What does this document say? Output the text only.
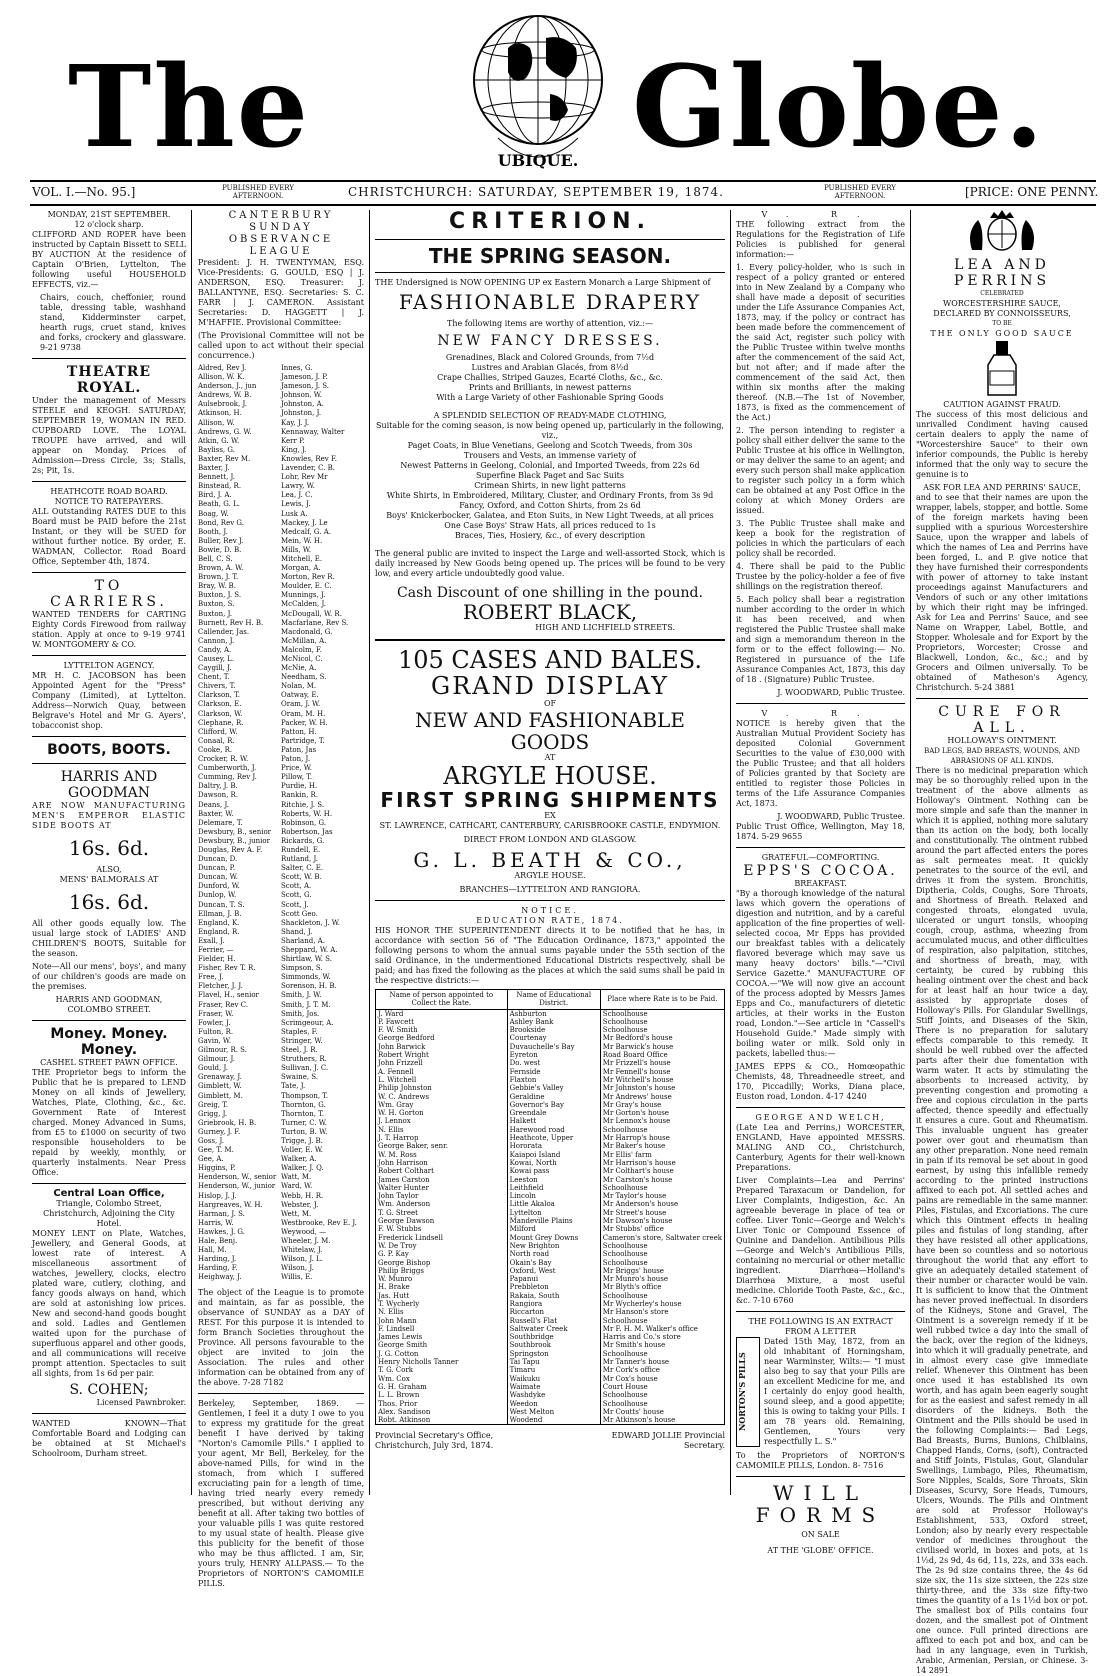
The	UBIQUE. Globe.
VOL. I.—No. 95.]	PUBLISHED EVERY AFTERNOON.	CHRISTCHURCH: SATURDAY, SEPTEMBER 19, 1874.	PUBLISHED EVERY AFTERNOON.	[PRICE: ONE PENNY.
MONDAY, 21ST SEPTEMBER.
12 o'clock sharp.

CLIFFORD AND ROPER have been instructed by Captain Bissett to SELL BY AUCTION At the residence of Captain O'Brien, Lyttelton, The following useful HOUSEHOLD EFFECTS, viz.—

Chairs, couch, cheffonier, round table, dressing table, washhand stand, Kidderminster carpet, hearth rugs, cruet stand, knives and forks, crockery and glassware. 9-21 9738

THEATRE ROYAL.

Under the management of Messrs STEELE and KEOGH. SATURDAY, SEPTEMBER 19, WOMAN IN RED. CUPBOARD LOVE. The LOYAL TROUPE have arrived, and will appear on Monday. Prices of Admission—Dress Circle, 3s; Stalls, 2s; Pit, 1s.

HEATHCOTE ROAD BOARD.
NOTICE TO RATEPAYERS.

ALL Outstanding RATES DUE to this Board must be PAID before the 21st Instant, or they will be SUED for without further notice. By order, E. WADMAN, Collector. Road Board Office, September 4th, 1874.

TO CARRIERS.

WANTED TENDERS for CARTING Eighty Cords Firewood from railway station. Apply at once to 9-19 9741 W. MONTGOMERY & CO.

LYTTELTON AGENCY.

MR H. C. JACOBSON has been Appointed Agent for the "Press" Company (Limited), at Lyttelton. Address—Norwich Quay, between Belgrave's Hotel and Mr G. Ayers', tobacconist shop.

BOOTS, BOOTS.
HARRIS AND GOODMAN

ARE NOW MANUFACTURING MEN'S EMPEROR ELASTIC SIDE BOOTS AT

16s. 6d.
ALSO,
MENS' BALMORALS AT
16s. 6d.

All other goods equally low. The usual large stock of LADIES' AND CHILDREN'S BOOTS, Suitable for the season.

Note—All our mens', boys', and many of our children's goods are made on the premises.

HARRIS AND GOODMAN, COLOMBO STREET.
Money. Money. Money.
CASHEL STREET PAWN OFFICE.

THE Proprietor begs to inform the Public that he is prepared to LEND Money on all kinds of Jewellery, Watches, Plate, Clothing, &c., &c. Government Rate of Interest charged. Money Advanced in Sums, from £5 to £1000 on security of two responsible householders to be repaid by weekly, monthly, or quarterly instalments. Near Press Office.

Central Loan Office,
Triangle, Colombo Street, Christchurch, Adjoining the City Hotel.

MONEY LENT on Plate, Watches, Jewellery, and General Goods, at lowest rate of interest. A miscellaneous assortment of watches, jewellery, clocks, electro plated ware, cutlery, clothing, and fancy goods always on hand, which are sold at astonishing low prices. New and second-hand goods bought and sold. Ladies and Gentlemen waited upon for the purchase of superfluous apparel and other goods, and all communications will receive prompt attention. Spectacles to suit all sights, from 1s 6d per pair.

S. COHEN;
Licensed Pawnbroker.

WANTED KNOWN—That Comfortable Board and Lodging can be obtained at St Michael's Schoolroom, Durham street.

CANTERBURY SUNDAY OBSERVANCE LEAGUE

President: J. H. TWENTYMAN, ESQ. Vice-Presidents: G. GOULD, ESQ | J. ANDERSON, ESQ. Treasurer: J. BALLANTYNE, ESQ. Secretaries: S. C. FARR | J. CAMERON. Assistant Secretaries: D. HAGGETT | J. M'HAFFIE. Provisional Committee:

(The Provisional Committee will not be called upon to act without their special concurrence.)

Aldred, Rev J.
Allison, W. K.
Anderson, J., jun
Andrews, W. B.
Aulsebrook, J.
Atkinson, H.
Allison, W.
Andrews, G. W.
Atkin, G. W.
Bayliss, G.
Baxter, Rev M.
Baxter, J.
Bennett, J.
Binstead, R.
Bird, J. A.
Beath, G. L.
Boag, W.
Bond, Rev G.
Booth, J.
Buller, Rev J.
Bowie, D. B.
Bell, C. S.
Brown, A. W.
Brown, J. T.
Bray, W. B.
Buxton, J. S.
Buxton, S.
Buxton, J.
Burnett, Rev H. B.
Callender, Jas.
Cannon, J.
Candy, A.
Causey, L.
Caygill, J.
Chent, T.
Chivers, T.
Clarkson, T.
Clarkson, E.
Clarkson, W.
Clephane, R.
Clifford, W.
Conaal, R.
Cooke, R.
Crocker, R. W.
Cumberworth, J.
Cumming, Rev J.
Daltry, J. B.
Dawson, R.
Deans, J.
Baxter, W.
Delemare, T.
Dewsbury, B., senior
Dewsbury, B., junior
Douglas, Rev A. F.
Duncan, D.
Duncan, P.
Duncan, W.
Dunford, W.
Dunlop, W.
Duncan, T. S.
Ellman, J. B.
England, K.
England, R.
Exall, J.
Ferrier, —
Fielder, H.
Fisher, Rev T. R.
Free, J.
Fletcher, J. J.
Flavel, H., senior
Fraser, Rev C.
Fraser, W.
Fowler, J.
Fulton, R.
Gavin, W.
Gilmour, R. S.
Gilmour, J.
Gould, J.
Grenaway, J.
Gimblett, W.
Gimblett, M.
Greig, T.
Grigg, J.
Griebrook, H. B.
Gurney, J. F.
Goss, J.
Gee, T. M.
Gee, A.
Higgins, P.
Henderson, W., senior
Henderson, W., junior
Hislop, J. J.
Hargreaves, W. H.
Harman, J. S.
Harris, W.
Hawkes, J. G.
Hale, Benj.
Hall, M.
Harding, J.
Harding, F.
Heighway, J.
Innes, G.
Jameson, J. P.
Jameson, J. S.
Johnson, W.
Johnston, A.
Johnston, J.
Kay, J. J.
Kennaway, Walter
Kerr P.
King, J.
Knowles, Rev F.
Lavender, C. B.
Lohr, Rev Mr
Lawry, W.
Lea, J. C.
Lewis, J.
Lusk A.
Mackey, J. Le
Medcalf, G. A.
Mein, W. H.
Mills, W.
Mitchell, E.
Morgan, A.
Morton, Rev R.
Moulder, E. C.
Munnings, J.
McCalden, J.
McDougall, W. R.
Macfarlane, Rev S.
Macdonald, G.
McMillan, A.
Malcolm, F.
McNicol, C.
McNie, A.
Needham, S.
Nolan, M.
Oatway, E.
Oram, J. W.
Oram, M. H.
Packer, W. H.
Patton, H.
Partridge, T.
Paton, Jas
Paton, J.
Price, W.
Pillow, T.
Purdie, H.
Rankin, R.
Ritchie, J. S.
Roberts, W. H.
Robinson, G.
Robertson, Jas
Rickards, G.
Rundell, E.
Rutland, J.
Salter, C. E.
Scott, W. B.
Scott, A.
Scott, G.
Scott, J.
Scott Geo.
Shackleton, J. W.
Shand, J.
Sharland, A.
Sheppard, W. A.
Shirtlaw, W. S.
Simpson, S.
Simmonds, W.
Sorenson, H. B.
Smith, J. W.
Smith, J. T. M.
Smith, Jos.
Scrimgeour, A.
Staples, F.
Stringer, W.
Steel, J. R.
Struthers, R.
Sullivan, J. C.
Swaine, S.
Tate, J.
Thompson, T.
Thornton, G.
Thornton, T.
Turner, C. W.
Turton, B. W.
Trigge, J. B.
Voller, E. W.
Walker, A.
Walker, J. Q.
Watt, M.
Ward, W.
Webb, H. R.
Webster, J.
Wett, M.
Westbrooke, Rev E. J.
Weywood, —
Wheeler, J. M.
Whitelaw, J.
Wilson, J. L.
Wilson, J.
Willis, E.

The object of the League is to promote and maintain, as far as possible, the observance of SUNDAY as a DAY of REST. For this purpose it is intended to form Branch Societies throughout the Province. All persons favourable to the object are invited to join the Association. The rules and other information can be obtained from any of the above. 7-28 7182

Berkeley, September, 1869. — Gentlemen, I feel it a duty I owe to you to express my gratitude for the great benefit I have derived by taking "Norton's Camomile Pills." I applied to your agent, Mr Bell, Berkeley, for the above-named Pills, for wind in the stomach, from which I suffered excruciating pain for a length of time, having tried nearly every remedy prescribed, but without deriving any benefit at all. After taking two bottles of your valuable pills I was quite restored to my usual state of health. Please give this publicity for the benefit of those who may be thus afflicted. I am, Sir, yours truly, HENRY ALLPASS.— To the Proprietors of NORTON'S CAMOMILE PILLS.

CRITERION.
THE SPRING SEASON.

THE Undersigned is NOW OPENING UP ex Eastern Monarch a Large Shipment of

FASHIONABLE DRAPERY
The following items are worthy of attention, viz.:—
NEW FANCY DRESSES.
Grenadines, Black and Colored Grounds, from 7½d
Lustres and Arabian Glacés, from 8½d
Crape Challies, Striped Gauzes, Ecarté Cloths, &c., &c.
Prints and Brilliants, in newest patterns
With a Large Variety of other Fashionable Spring Goods
A SPLENDID SELECTION OF READY-MADE CLOTHING,
Suitable for the coming season, is now being opened up, particularly in the following, viz.,
Paget Coats, in Blue Venetians, Geelong and Scotch Tweeds, from 30s
Trousers and Vests, an immense variety of
Newest Patterns in Geelong, Colonial, and Imported Tweeds, from 22s 6d
Superfine Black Paget and Sac Suits
Crimean Shirts, in new light patterns
White Shirts, in Embroidered, Military, Cluster, and Ordinary Fronts, from 3s 9d
Fancy, Oxford, and Cotton Shirts, from 2s 6d
Boys' Knickerbocker, Galatea, and Eton Suits, in New Light Tweeds, at all prices
One Case Boys' Straw Hats, all prices reduced to 1s
Braces, Ties, Hosiery, &c., of every description

The general public are invited to inspect the Large and well-assorted Stock, which is daily increased by New Goods being opened up. The prices will be found to be very low, and every article undoubtedly good value.

Cash Discount of one shilling in the pound.
ROBERT BLACK,
HIGH AND LICHFIELD STREETS.
105 CASES AND BALES.
GRAND DISPLAY
OF
NEW AND FASHIONABLE GOODS
AT
ARGYLE HOUSE.
FIRST SPRING SHIPMENTS
EX
ST. LAWRENCE, CATHCART, CANTERBURY, CARISBROOKE CASTLE, ENDYMION.
DIRECT FROM LONDON AND GLASGOW.
G. L. BEATH & CO.,
ARGYLE HOUSE.
BRANCHES—LYTTELTON AND RANGIORA.
NOTICE.
EDUCATION RATE, 1874.

HIS HONOR THE SUPERINTENDENT directs it to be notified that he has, in accordance with section 56 of "The Education Ordinance, 1873," appointed the following persons to whom the annual sums payable under the 55th section of the said Ordinance, in the undermentioned Educational Districts respectively, shall be paid; and has fixed the following as the places at which the said sums shall be paid in the respective districts:—

Name of person appointed to Collect the Rate.	Name of Educational District.	Place where Rate is to be Paid.
J. Ward	Ashburton	Schoolhouse
P. Fawcett	Ashley Bank	Schoolhouse
F. W. Smith	Brookside	Schoolhouse
George Bedford	Courtenay	Mr Bedford's house
John Barwick	Duvauchelle's Bay	Mr Barwick's house
Robert Wright	Eyreton	Road Board Office
John Frizzell	Do. west	Mr Frizzell's house
A. Fennell	Fernside	Mr Fennell's house
L. Witchell	Flaxton	Mr Witchell's house
Philip Johnston	Gebbie's Valley	Mr Johnston's house
W. C. Andrews	Geraldine	Mr Andrews' house
Wm. Gray	Governor's Bay	Mr Gray's house
W. H. Gorton	Greendale	Mr Gorton's house
J. Lennox	Halkett	Mr Lennox's house
N. Ellis	Harewood road	Schoolhouse
J. T. Harrop	Heathcote, Upper	Mr Harrop's house
George Baker, senr.	Hororata	Mr Baker's house
W. M. Ross	Kaiapoi Island	Mr Ellis' farm
John Harrison	Kowai, North	Mr Harrison's house
Robert Colthart	Kowai pass	Mr Colthart's house
James Carston	Leeston	Mr Carston's house
Walter Hunter	Leithfield	Schoolhouse
John Taylor	Lincoln	Mr Taylor's house
Wm. Anderson	Little Akaloa	Mr Anderson's house
T. G. Street	Lyttelton	Mr Street's house
George Dawson	Mandeville Plains	Mr Dawson's house
F. W. Stubbs	Milford	Mr Stubbs' office
Frederick Lindsell	Mount Grey Downs	Cameron's store, Saltwater creek
W. De Troy	New Brighton	Schoolhouse
G. P. Kay	North road	Schoolhouse
George Bishop	Okain's Bay	Schoolhouse
Philip Briggs	Oxford, West	Mr Briggs' house
W. Munro	Papanui	Mr Munro's house
H. Brake	Prebbleton	Mr Blyth's office
Jas. Hutt	Rakaia, South	Schoolhouse
T. Wycherly	Rangiora	Mr Wycherley's house
N. Ellis	Riccarton	Mr Hanson's store
John Mann	Russell's Flat	Schoolhouse
F. Lindsell	Saltwater Creek	Mr F. H. M. Walker's office
James Lewis	Southbridge	Harris and Co.'s store
George Smith	Southbrook	Mr Smith's house
J. G. Cotton	Springston	Schoolhouse
Henry Nicholls Tanner	Tai Tapu	Mr Tanner's house
T. G. Cork	Timaru	Mr Cork's office
Wm. Cox	Waikuku	Mr Cox's house
G. H. Graham	Waimate	Court House
L. L. Brown	Washdyke	Schoolhouse
Thos. Prior	Weedon	Schoolhouse
Alex. Sandison	West Melton	Mr Coutts' house
Robt. Atkinson	Woodend	Mr Atkinson's house
Provincial Secretary's Office, Christchurch, July 3rd, 1874.
EDWARD JOLLIE Provincial Secretary.
V. R.

THE following extract from the Regulations for the Registration of Life Policies is published for general information:—

1. Every policy-holder, who is such in respect of a policy granted or entered into in New Zealand by a Company who shall have made a deposit of securities under the Life Assurance Companies Act, 1873, may, if the policy or contract has been made before the commencement of the said Act, register such policy with the Public Trustee within twelve months after the commencement of the said Act, but not after; and if made after the commencement of the said Act, then within six months after the making thereof. (N.B.—The 1st of November, 1873, is fixed as the commencement of the Act.)

2. The person intending to register a policy shall either deliver the same to the Public Trustee at his office in Wellington, or may deliver the same to an agent; and every such person shall make application to register such policy in a form which can be obtained at any Post Office in the colony at which Money Orders are issued.

3. The Public Trustee shall make and keep a book for the registration of policies in which the particulars of each policy shall be recorded.

4. There shall be paid to the Public Trustee by the policy-holder a fee of five shillings on the registration thereof.

5. Each policy shall bear a registration number according to the order in which it has been received, and when registered the Public Trustee shall make and sign a memorandum thereon in the form or to the effect following:— No. Registered in pursuance of the Life Assurance Companies Act, 1873, this day of 18 . (Signature) Public Trustee.

J. WOODWARD, Public Trustee.
V. R.

NOTICE is hereby given that the Australian Mutual Provident Society has deposited Colonial Government Securities to the value of £30,000 with the Public Trustee; and that all holders of Policies granted by that Society are entitled to register those Policies in terms of the Life Assurance Companies Act, 1873.

J. WOODWARD, Public Trustee.

Public Trust Office, Wellington, May 18, 1874. 5-29 9655

GRATEFUL—COMFORTING.
EPPS'S COCOA.
BREAKFAST.

"By a thorough knowledge of the natural laws which govern the operations of digestion and nutrition, and by a careful application of the fine properties of well-selected cocoa, Mr Epps has provided our breakfast tables with a delicately flavored beverage which may save us many heavy doctors' bills."—"Civil Service Gazette." MANUFACTURE OF COCOA.—"We will now give an account of the process adopted by Messrs James Epps and Co., manufacturers of dietetic articles, at their works in the Euston road, London."—See article in "Cassell's Household Guide." Made simply with boiling water or milk. Sold only in packets, labelled thus:—

JAMES EPPS & CO., Homœopathic Chemists, 48, Threadneedle street, and 170, Piccadilly; Works, Diana place, Euston road, London. 4-17 4240

GEORGE AND WELCH,

(Late Lea and Perrins,) WORCESTER, ENGLAND, Have appointed MESSRS. MALING AND CO., Christchurch, Canterbury, Agents for their well-known Preparations.

Liver Complaints—Lea and Perrins' Prepared Taraxacum or Dandelion, for Liver Complaints, Indigestion, &c. An agreeable beverage in place of tea or coffee. Liver Tonic—George and Welch's Liver Tonic or Compound Essence of Quinine and Dandelion. Antibilious Pills—George and Welch's Antibilious Pills, containing no mercurial or other metallic ingredient. Diarrhœa—Holland's Diarrhœa Mixture, a most useful medicine. Chloride Tooth Paste, &c., &c., &c. 7-10 6760

THE FOLLOWING IS AN EXTRACT FROM A LETTER
NORTON'S PILLS

Dated 15th May, 1872, from an old inhabitant of Horningsham, near Warminster, Wilts:— "I must also beg to say that your Pills are an excellent Medicine for me, and I certainly do enjoy good health, sound sleep, and a good appetite; this is owing to taking your Pills. I am 78 years old. Remaining, Gentlemen, Yours very respectfully L. S."

To the Proprietors of NORTON'S CAMOMILE PILLS, London. 8- 7516

WILL FORMS
ON SALE
AT THE 'GLOBE' OFFICE.
LEA AND PERRINS
CELEBRATED
WORCESTERSHIRE SAUCE,
DECLARED BY CONNOISSEURS,
TO BE
THE ONLY GOOD SAUCE
CAUTION AGAINST FRAUD.

The success of this most delicious and unrivalled Condiment having caused certain dealers to apply the name of "Worcestershire Sauce" to their own inferior compounds, the Public is hereby informed that the only way to secure the genuine is to

ASK FOR LEA AND PERRINS' SAUCE,

and to see that their names are upon the wrapper, labels, stopper, and bottle. Some of the foreign markets having been supplied with a spurious Worcestershire Sauce, upon the wrapper and labels of which the names of Lea and Perrins have been forged, L. and P. give notice that they have furnished their correspondents with power of attorney to take instant proceedings against Manufacturers and Vendors of such or any other imitations by which their right may be infringed. Ask for Lea and Perrins' Sauce, and see Name on Wrapper, Label, Bottle, and Stopper. Wholesale and for Export by the Proprietors, Worcester; Crosse and Blackwell, London, &c., &c.; and by Grocers and Oilmen universally. To be obtained of Matheson's Agency, Christchurch. 5-24 3881

CURE FOR ALL.
HOLLOWAY'S OINTMENT.
BAD LEGS, BAD BREASTS, WOUNDS, AND ABRASIONS OF ALL KINDS.

There is no medicinal preparation which may be so thoroughly relied upon in the treatment of the above ailments as Holloway's Ointment. Nothing can be more simple and safe than the manner in which it is applied, nothing more salutary than its action on the body, both locally and constitutionally. The ointment rubbed around the part affected enters the pores as salt permeates meat. It quickly penetrates to the source of the evil, and drives it from the system. Bronchitis, Diptheria, Colds, Coughs, Sore Throats, and Shortness of Breath. Relaxed and congested throats, elongated uvula, ulcerated or ungurt tonsils, whooping cough, croup, asthma, wheezing from accumulated mucus, and other difficulties of respiration, also palpitation, stitches, and shortness of breath, may, with certainty, be cured by rubbing this healing ointment over the chest and back for at least half an hour twice a day, assisted by appropriate doses of Holloway's Pills. For Glandular Swellings, Stiff Joints, and Diseases of the Skin, There is no preparation for salutary effects comparable to this remedy. It should be well rubbed over the affected parts after their due fomentation with warm water. It acts by stimulating the absorbents to increased activity, by preventing congestion and promoting a free and copious circulation in the parts affected, thence speedily and effectually it ensures a cure. Gout and Rheumatism. This invaluable unguent has greater power over gout and rheumatism than any other preparation. None need remain in pain if its removal be set about in good earnest, by using this infallible remedy according to the printed instructions affixed to each pot. All settled aches and pains are remediable in the same manner. Piles, Fistulas, and Excoriations. The cure which this Ointment effects in healing piles and fistulas of long standing, after they have resisted all other applications, have been so countless and so notorious throughout the world that any effort to give an adequately detailed statement of their number or character would be vain. It is sufficient to know that the Ointment has never proved ineffectual. In disorders of the Kidneys, Stone and Gravel, The Ointment is a sovereign remedy if it be well rubbed twice a day into the small of the back, over the region of the kidneys, into which it will gradually penetrate, and in almost every case give immediate relief. Whenever this Ointment has been once used it has established its own worth, and has again been eagerly sought for as the easiest and safest remedy in all disorders of the kidneys. Both the Ointment and the Pills should be used in the following Complaints:— Bad Legs, Bad Breasts, Burns, Bunions, Chilblains, Chapped Hands, Corns, (soft), Contracted and Stiff Joints, Fistulas, Gout, Glandular Swellings, Lumbago, Piles, Rheumatism, Sore Nipples, Scalds, Sore Throats, Skin Diseases, Scurvy, Sore Heads, Tumours, Ulcers, Wounds. The Pills and Ointment are sold at Professor Holloway's Establishment, 533, Oxford street, London; also by nearly every respectable vendor of medicines throughout the civilised world, in boxes and pots, at 1s 1½d, 2s 9d, 4s 6d, 11s, 22s, and 33s each. The 2s 9d size contains three, the 4s 6d size six, the 11s size sixteen, the 22s size thirty-three, and the 33s size fifty-two times the quantity of a 1s 1½d box or pot. The smallest box of Pills contains four dozen, and the smallest pot of Ointment one ounce. Full printed directions are affixed to each pot and box, and can be had in any language, even in Turkish, Arabic, Armenian, Persian, or Chinese. 3-14 2891
